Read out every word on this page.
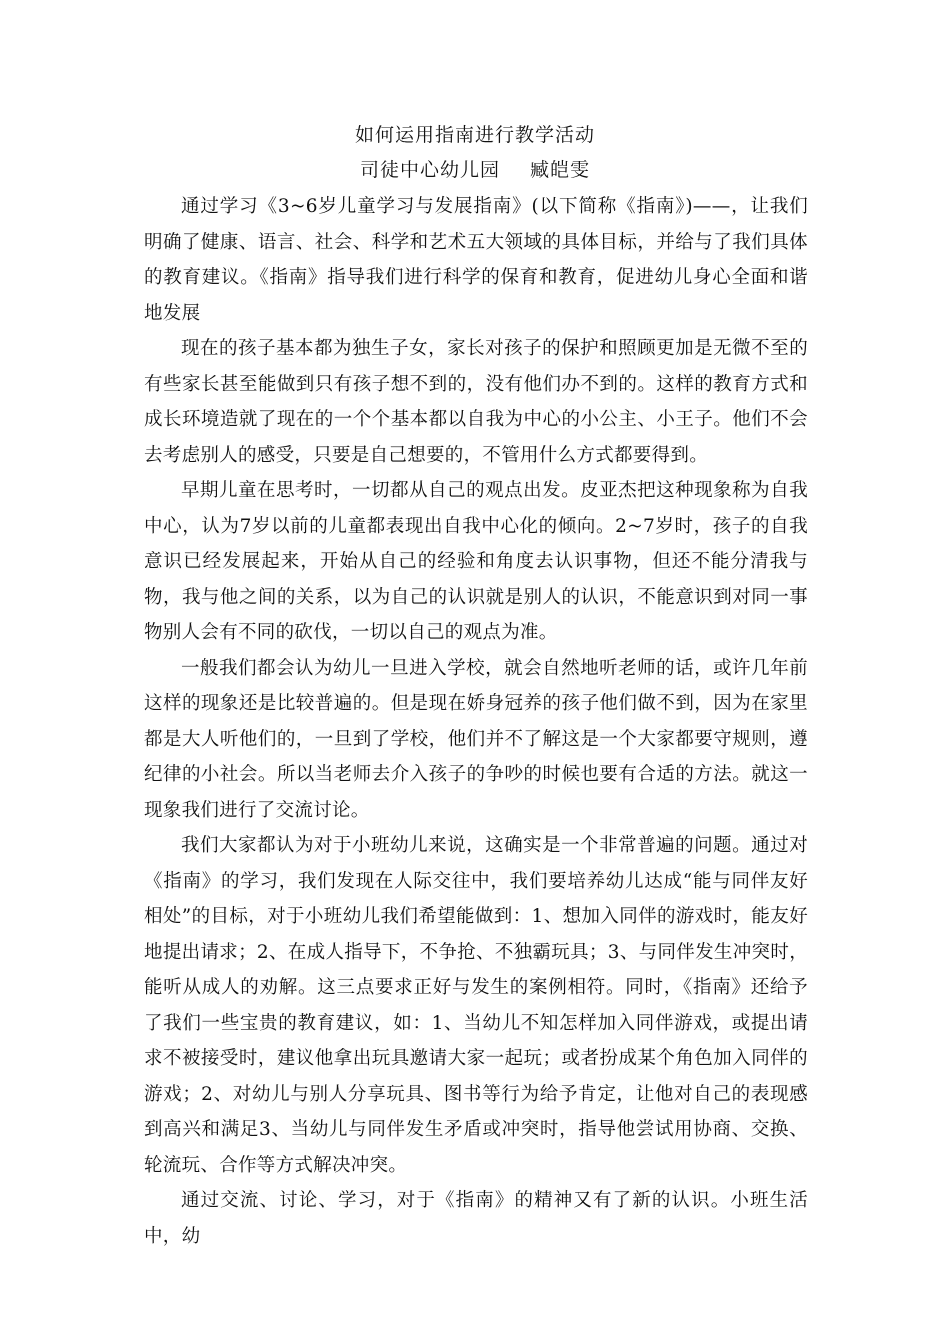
如何运用指南进行教学活动
司徒中心幼儿园 臧皑雯

通过学习《3~6岁儿童学习与发展指南》(以下简称《指南》)——，让我们明确了健康、语言、社会、科学和艺术五大领域的具体目标，并给与了我们具体的教育建议。《指南》指导我们进行科学的保育和教育，促进幼儿身心全面和谐地发展

现在的孩子基本都为独生子女，家长对孩子的保护和照顾更加是无微不至的有些家长甚至能做到只有孩子想不到的，没有他们办不到的。这样的教育方式和成长环境造就了现在的一个个基本都以自我为中心的小公主、小王子。他们不会去考虑别人的感受，只要是自己想要的，不管用什么方式都要得到。

早期儿童在思考时，一切都从自己的观点出发。皮亚杰把这种现象称为自我中心，认为7岁以前的儿童都表现出自我中心化的倾向。2~7岁时，孩子的自我意识已经发展起来，开始从自己的经验和角度去认识事物，但还不能分清我与物，我与他之间的关系，以为自己的认识就是别人的认识，不能意识到对同一事物别人会有不同的砍伐，一切以自己的观点为准。

一般我们都会认为幼儿一旦进入学校，就会自然地听老师的话，或许几年前这样的现象还是比较普遍的。但是现在娇身冠养的孩子他们做不到，因为在家里都是大人听他们的，一旦到了学校，他们并不了解这是一个大家都要守规则，遵纪律的小社会。所以当老师去介入孩子的争吵的时候也要有合适的方法。就这一现象我们进行了交流讨论。

我们大家都认为对于小班幼儿来说，这确实是一个非常普遍的问题。通过对《指南》的学习，我们发现在人际交往中，我们要培养幼儿达成“能与同伴友好相处”的目标，对于小班幼儿我们希望能做到：1、想加入同伴的游戏时，能友好地提出请求；2、在成人指导下，不争抢、不独霸玩具；3、与同伴发生冲突时，能听从成人的劝解。这三点要求正好与发生的案例相符。同时，《指南》还给予了我们一些宝贵的教育建议，如：1、当幼儿不知怎样加入同伴游戏，或提出请求不被接受时，建议他拿出玩具邀请大家一起玩；或者扮成某个角色加入同伴的游戏；2、对幼儿与别人分享玩具、图书等行为给予肯定，让他对自己的表现感到高兴和满足3、当幼儿与同伴发生矛盾或冲突时，指导他尝试用协商、交换、轮流玩、合作等方式解决冲突。

通过交流、讨论、学习，对于《指南》的精神又有了新的认识。小班生活中，幼
